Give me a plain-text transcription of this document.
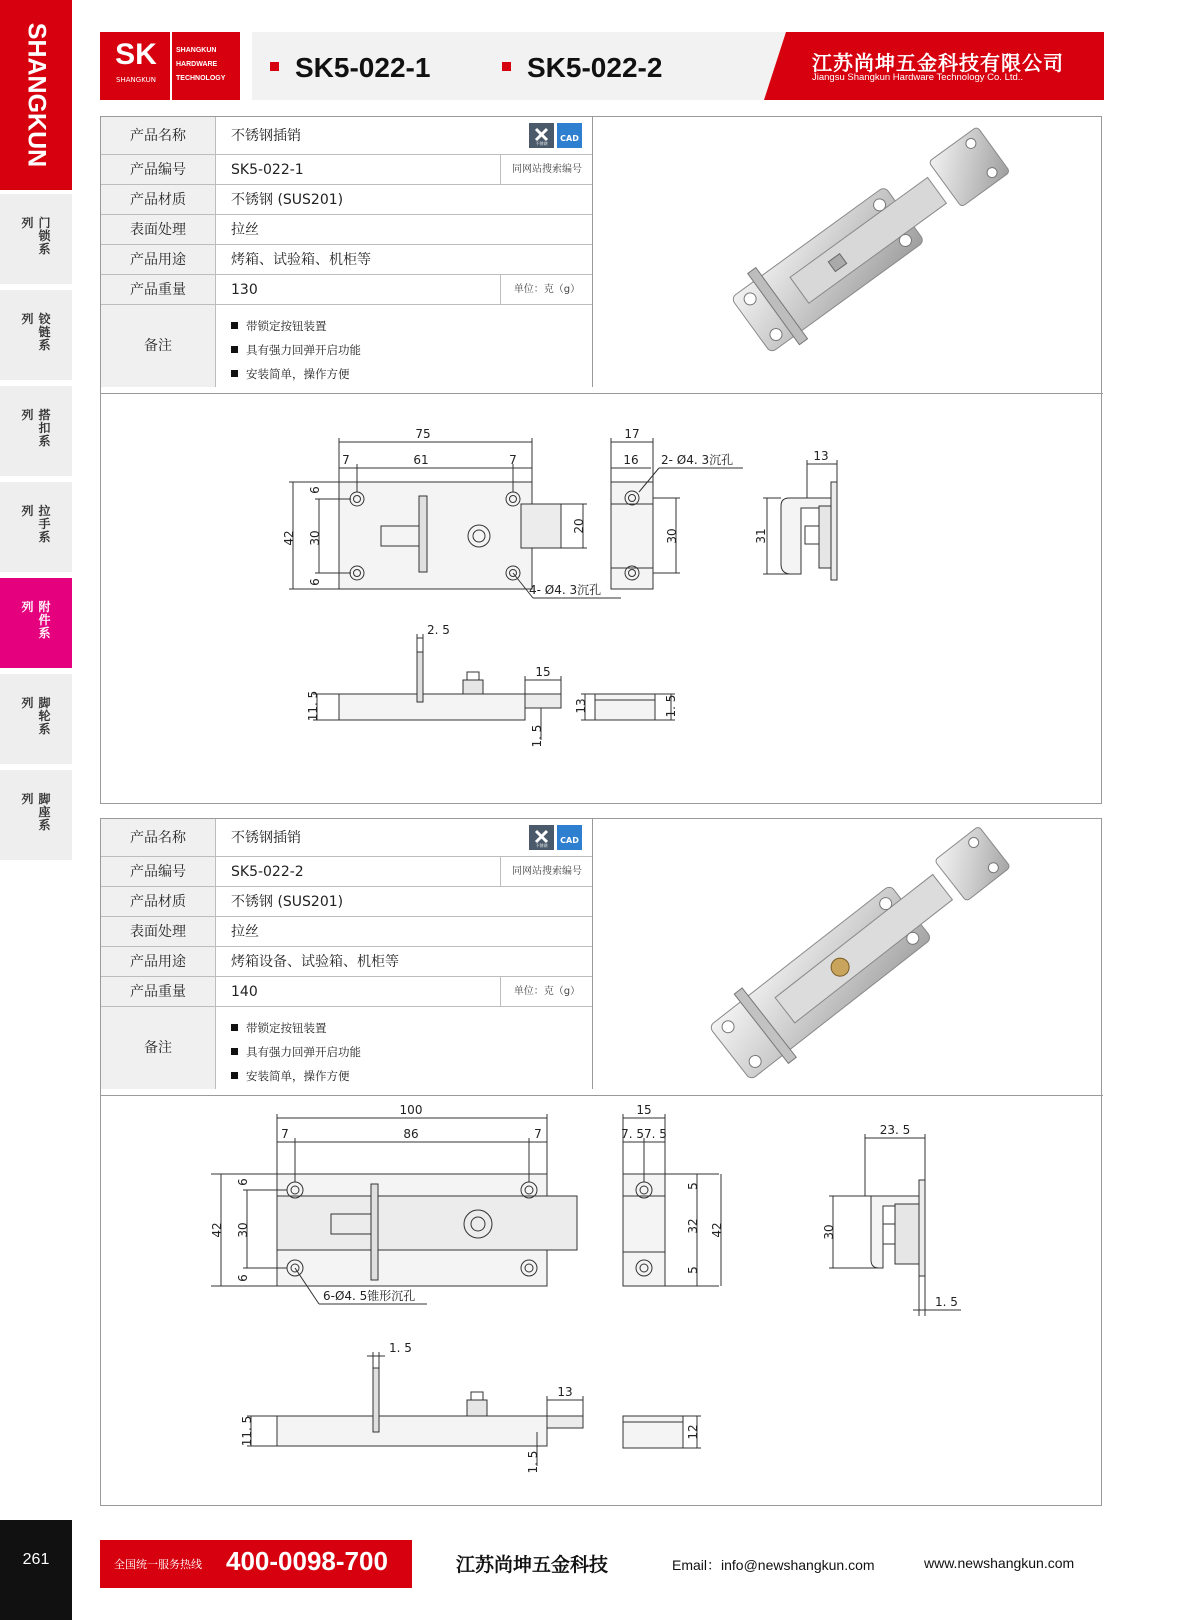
SHANGKUN
门锁系列
铰链系列
搭扣系列
拉手系列
附件系列
脚轮系列
脚座系列
261
SK
SHANGKUN
SHANGKUN
HARDWARE
TECHNOLOGY	SK5-022-1	SK5-022-2	江苏尚坤五金科技有限公司
Jiangsu Shangkun Hardware Technology Co. Ltd..
产品名称	不锈钢插销	不锈钢
CAD
产品编号	SK5-022-1	同网站搜索编号
产品材质	不锈钢 (SUS201)
表面处理	拉丝
产品用途	烤箱、试验箱、机柜等
产品重量	130	单位：克（g）
备注
带锁定按钮装置
具有强力回弹开启功能
安装简单，操作方便
75
7	61	7
42 30
6
6
20
4- Ø4. 3沉孔
17
16 2- Ø4. 3沉孔
30
13
31
2. 5
11. 5
15
1. 5
13	1. 5
产品名称	不锈钢插销	不锈钢
CAD
产品编号	SK5-022-2	同网站搜索编号
产品材质	不锈钢 (SUS201)
表面处理	拉丝
产品用途	烤箱设备、试验箱、机柜等
产品重量	140	单位：克（g）
备注
带锁定按钮装置
具有强力回弹开启功能
安装简单，操作方便
100
7	86	7
42 30
6
6
6-Ø4. 5锥形沉孔
15
7. 57. 5
5
32
5
42
23. 5
30
1. 5
1. 5
11. 5
13
1. 5
12
全国统一服务热线 400-0098-700	江苏尚坤五金科技	Email：info@newshangkun.com	www.newshangkun.com
